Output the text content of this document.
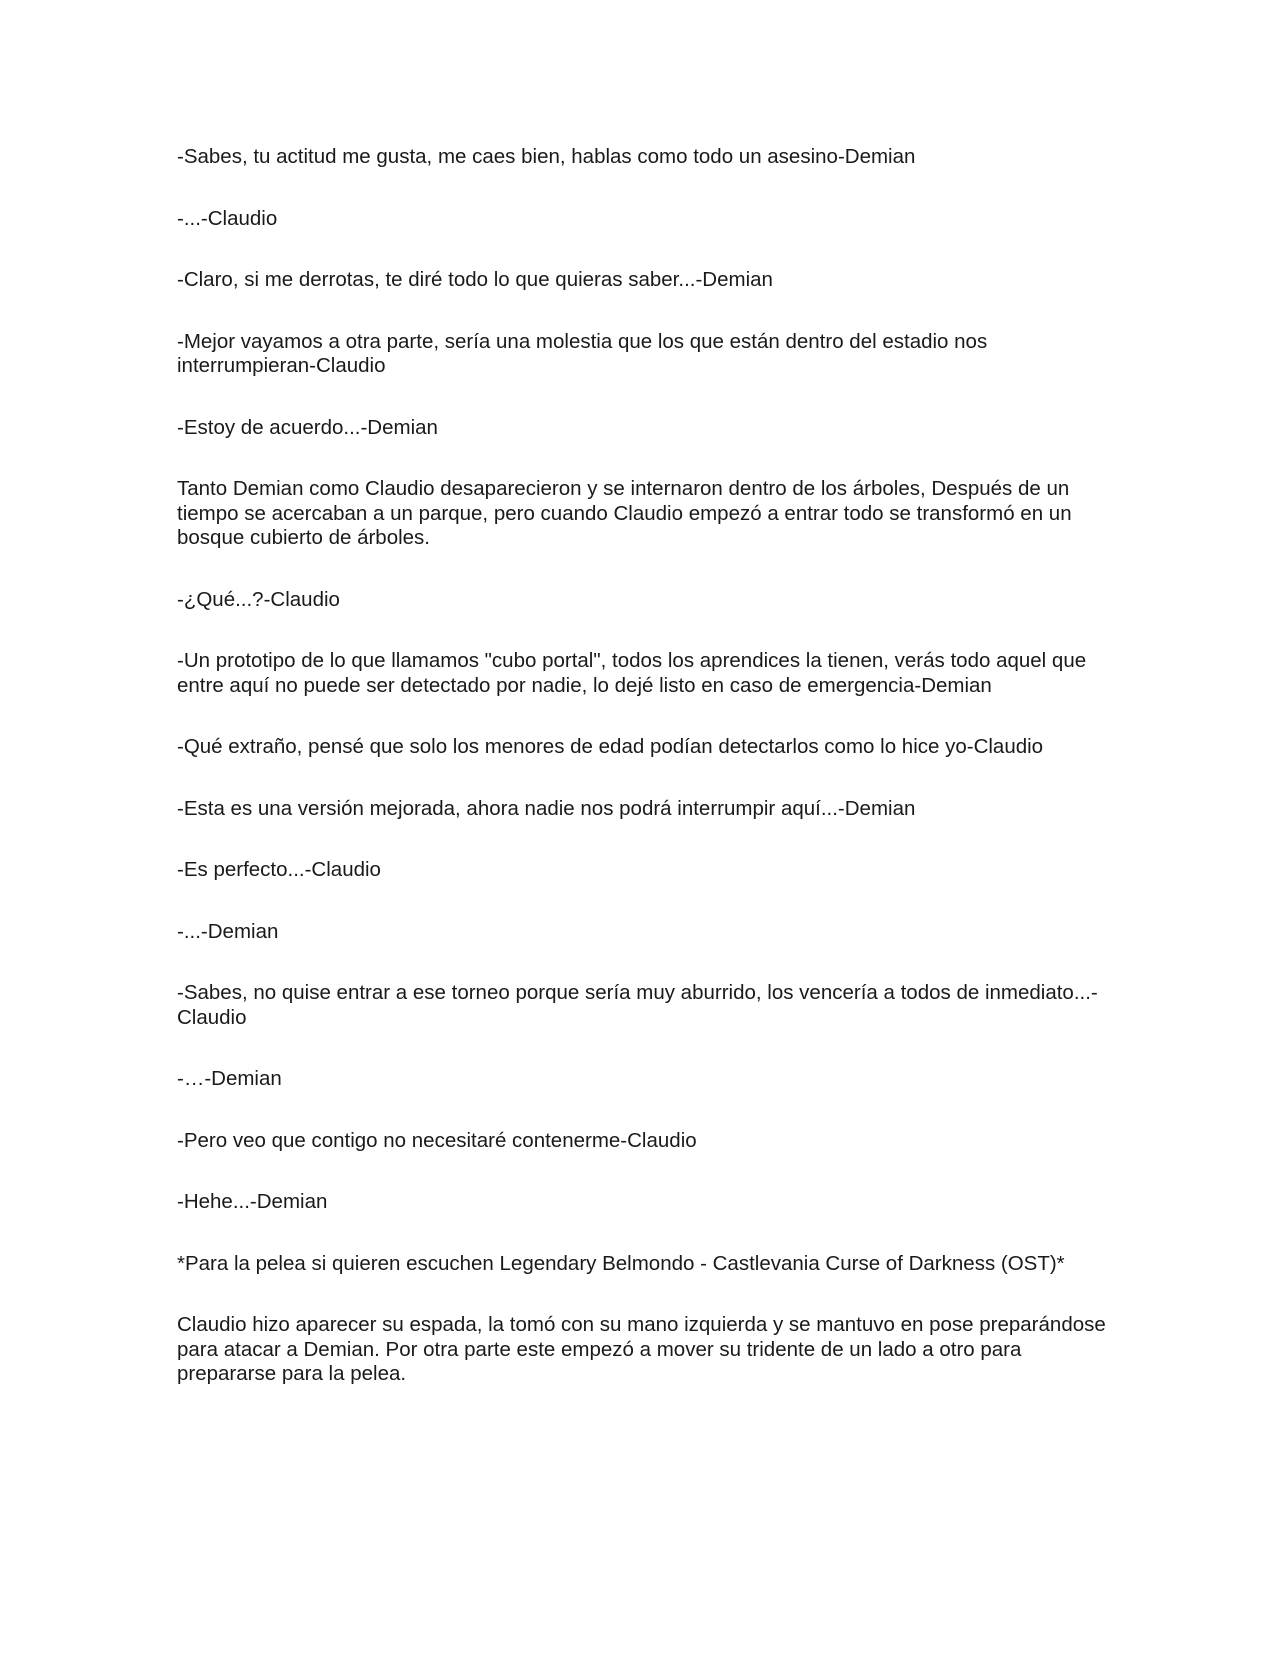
-Sabes, tu actitud me gusta, me caes bien, hablas como todo un asesino-Demian

-...-Claudio

-Claro, si me derrotas, te diré todo lo que quieras saber...-Demian

-Mejor vayamos a otra parte, sería una molestia que los que están dentro del estadio nos interrumpieran-Claudio

-Estoy de acuerdo...-Demian

Tanto Demian como Claudio desaparecieron y se internaron dentro de los árboles, Después de un tiempo se acercaban a un parque, pero cuando Claudio empezó a entrar todo se transformó en un bosque cubierto de árboles.

-¿Qué...?-Claudio

-Un prototipo de lo que llamamos "cubo portal", todos los aprendices la tienen, verás todo aquel que entre aquí no puede ser detectado por nadie, lo dejé listo en caso de emergencia-Demian

-Qué extraño, pensé que solo los menores de edad podían detectarlos como lo hice yo-Claudio

-Esta es una versión mejorada, ahora nadie nos podrá interrumpir aquí...-Demian

-Es perfecto...-Claudio

-...-Demian

-Sabes, no quise entrar a ese torneo porque sería muy aburrido, los vencería a todos de inmediato...-Claudio

-…-Demian

-Pero veo que contigo no necesitaré contenerme-Claudio

-Hehe...-Demian

*Para la pelea si quieren escuchen Legendary Belmondo - Castlevania Curse of Darkness (OST)*

Claudio hizo aparecer su espada, la tomó con su mano izquierda y se mantuvo en pose preparándose para atacar a Demian. Por otra parte este empezó a mover su tridente de un lado a otro para prepararse para la pelea.
